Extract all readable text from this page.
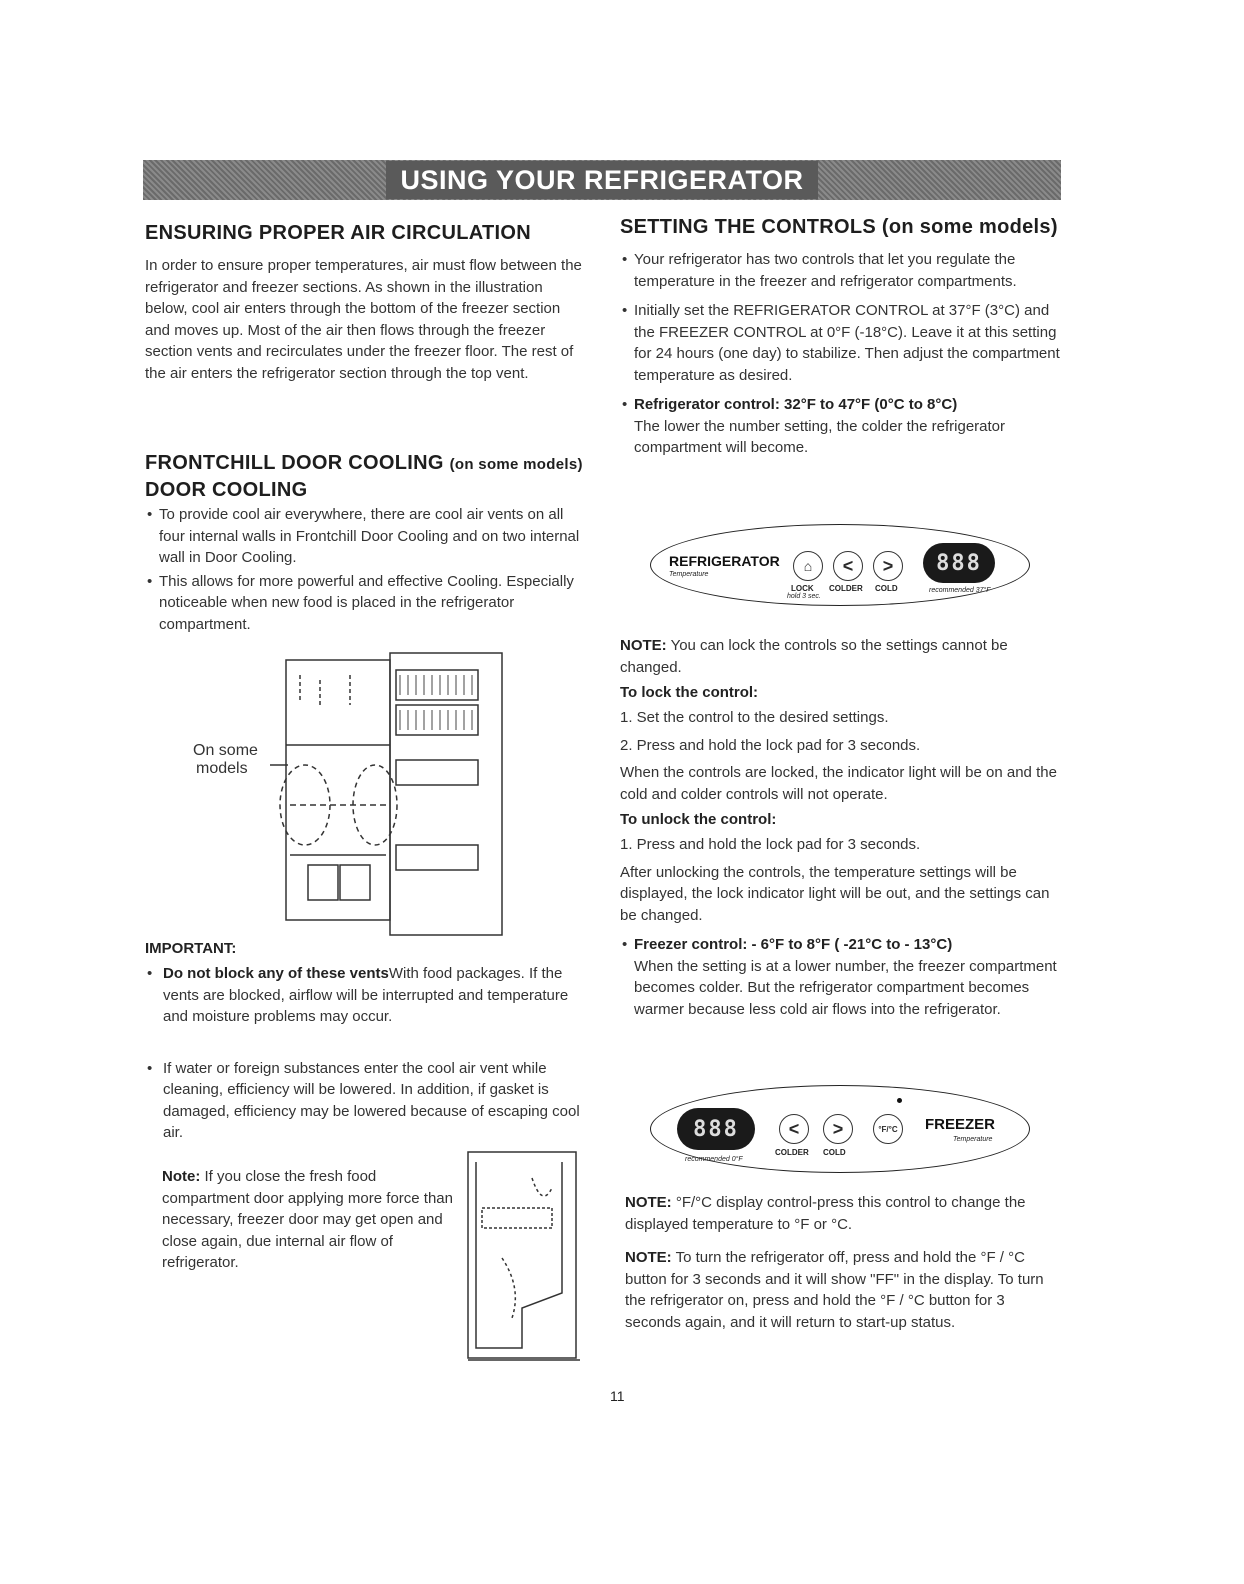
USING YOUR REFRIGERATOR
ENSURING PROPER AIR CIRCULATION

In order to ensure proper temperatures, air must flow between the refrigerator and freezer sections. As shown in the illustration below, cool air enters through the bottom of the freezer section and moves up. Most of the air then flows through the freezer section vents and recirculates under the freezer floor. The rest of the air enters the refrigerator section through the top vent.

FRONTCHILL DOOR COOLING (on some models)
DOOR COOLING
• To provide cool air everywhere, there are cool air vents on all four internal walls in Frontchill Door Cooling and on two internal wall in Door Cooling.
• This allows for more powerful and effective Cooling. Especially noticeable when new food is placed in the refrigerator compartment.
On some
models
IMPORTANT:
• Do not block any of these ventsWith food packages. If the vents are blocked, airflow will be interrupted and temperature and moisture problems may occur.
• If water or foreign substances enter the cool air vent while cleaning, efficiency will be lowered. In addition, if gasket is damaged, efficiency may be lowered because of escaping cool air.

Note: If you close the fresh food compartment door applying more force than necessary, freezer door may get open and close again, due internal air flow of refrigerator.

SETTING THE CONTROLS (on some models)
• Your refrigerator has two controls that let you regulate the temperature in the freezer and refrigerator compartments.
• Initially set the REFRIGERATOR CONTROL at 37°F (3°C) and the FREEZER CONTROL at 0°F (-18°C). Leave it at this setting for 24 hours (one day) to stabilize. Then adjust the compartment temperature as desired.
• Refrigerator control: 32°F to 47°F (0°C to 8°C)
The lower the number setting, the colder the refrigerator compartment will become.
REFRIGERATOR
Temperature
⌂ < >
LOCK
hold 3 sec.
COLDER COLD
888
recommended 37°F

NOTE: You can lock the controls so the settings cannot be changed.

To lock the control:

1. Set the control to the desired settings.

2. Press and hold the lock pad for 3 seconds.

When the controls are locked, the indicator light will be on and the cold and colder controls will not operate.

To unlock the control:

1. Press and hold the lock pad for 3 seconds.

After unlocking the controls, the temperature settings will be displayed, the lock indicator light will be out, and the settings can be changed.

• Freezer control: - 6°F to 8°F ( -21°C to - 13°C)
When the setting is at a lower number, the freezer compartment becomes colder. But the refrigerator compartment becomes warmer because less cold air flows into the refrigerator.
888
recommended 0°F
< >	°F/°C
COLDER COLD
FREEZER
Temperature

NOTE: °F/°C display control-press this control to change the displayed temperature to °F or °C.

NOTE: To turn the refrigerator off, press and hold the °F / °C button for 3 seconds and it will show "FF" in the display. To turn the refrigerator on, press and hold the °F / °C button for 3 seconds again, and it will return to start-up status.

11
